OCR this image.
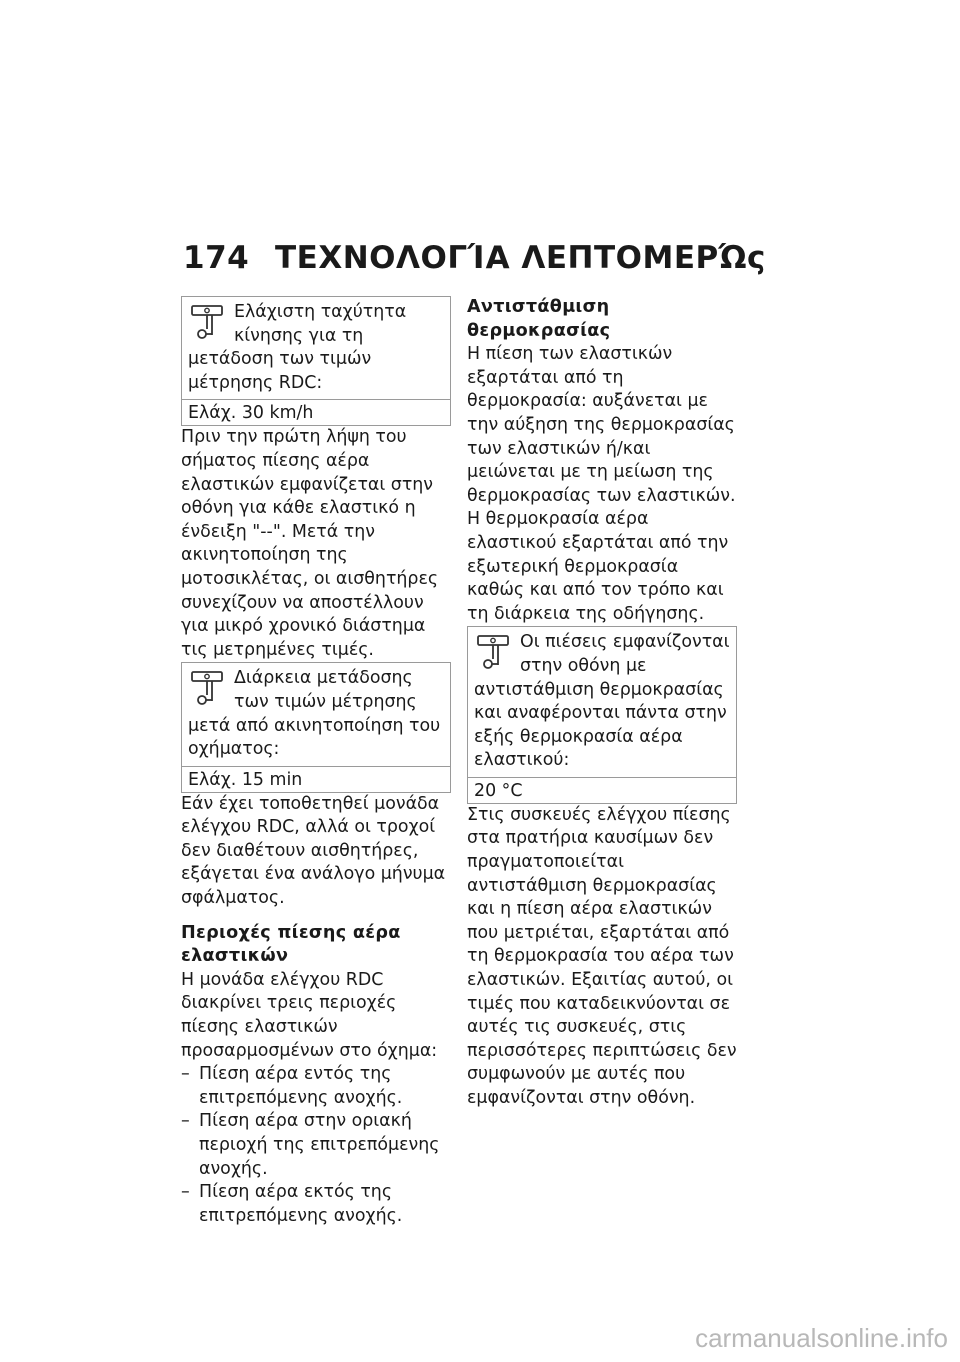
174 ΤΕΧΝΟΛΟΓΊΑ ΛΕΠΤΟΜΕΡΏς
Ελάχιστη ταχύτητα κίνησης για τη μετάδοση των τιμών μέτρησης RDC:
Ελάχ. 30 km/h

Πριν την πρώτη λήψη του σήματος πίεσης αέρα ελαστικών εμφανίζεται στην οθόνη για κάθε ελαστικό η ένδειξη "--". Μετά την ακινητοποίηση της μοτοσικλέτας, οι αισθητήρες συνεχίζουν να αποστέλλουν για μικρό χρονικό διάστημα τις μετρημένες τιμές.

Διάρκεια μετάδοσης των τιμών μέτρησης μετά από ακινητοποίηση του οχήματος:
Ελάχ. 15 min

Εάν έχει τοποθετηθεί μονάδα ελέγχου RDC, αλλά οι τροχοί δεν διαθέτουν αισθητήρες, εξάγεται ένα ανάλογο μήνυμα σφάλματος.

Περιοχές πίεσης αέρα ελαστικών

Η μονάδα ελέγχου RDC διακρίνει τρεις περιοχές πίεσης ελαστικών προσαρμοσμένων στο όχημα:

– Πίεση αέρα εντός της επιτρεπόμενης ανοχής.
– Πίεση αέρα στην οριακή περιοχή της επιτρεπόμενης ανοχής.
– Πίεση αέρα εκτός της επιτρεπόμενης ανοχής.

Αντιστάθμιση θερμοκρασίας

Η πίεση των ελαστικών εξαρτάται από τη θερμοκρασία: αυξάνεται με την αύξηση της θερμοκρασίας των ελαστικών ή/και μειώνεται με τη μείωση της θερμοκρασίας των ελαστικών. Η θερμοκρασία αέρα ελαστικού εξαρτάται από την εξωτερική θερμοκρασία καθώς και από τον τρόπο και τη διάρκεια της οδήγησης.

Οι πιέσεις εμφανίζονται στην οθόνη με αντιστάθμιση θερμοκρασίας και αναφέρονται πάντα στην εξής θερμοκρασία αέρα ελαστικού:
20 °C

Στις συσκευές ελέγχου πίεσης στα πρατήρια καυσίμων δεν πραγματοποιείται αντιστάθμιση θερμοκρασίας και η πίεση αέρα ελαστικών που μετριέται, εξαρτάται από τη θερμοκρασία του αέρα των ελαστικών. Εξαιτίας αυτού, οι τιμές που καταδεικνύονται σε αυτές τις συσκευές, στις περισσότερες περιπτώσεις δεν συμφωνούν με αυτές που εμφανίζονται στην οθόνη.

carmanualsonline.info
